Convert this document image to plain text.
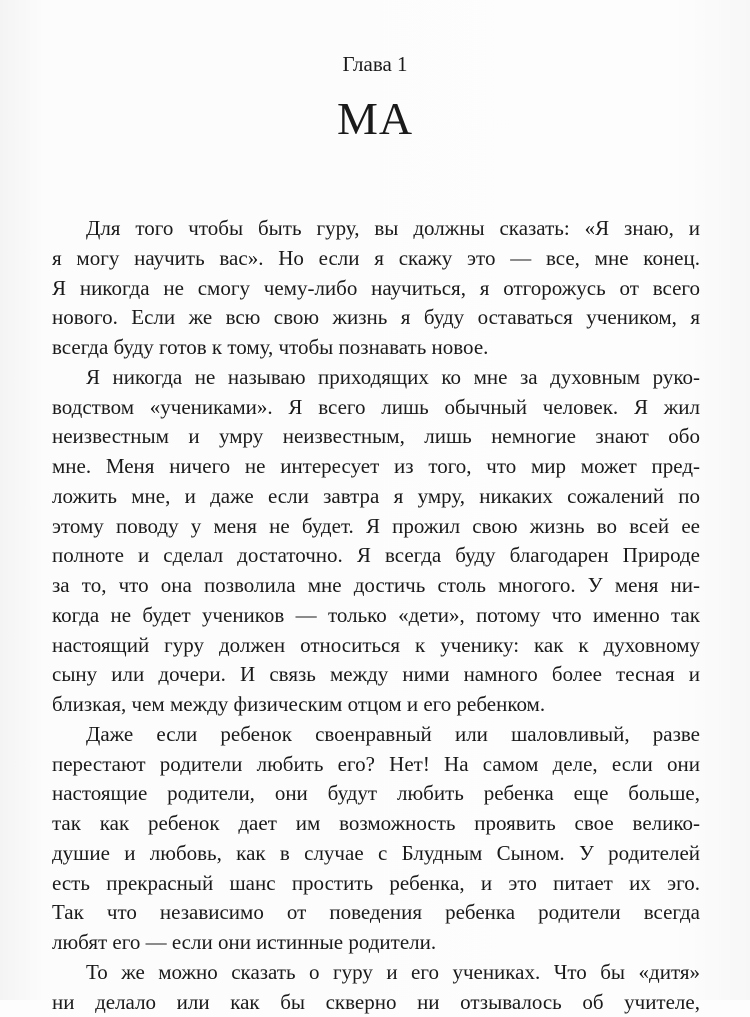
Глава 1
МА
Для того чтобы быть гуру, вы должны сказать: «Я знаю, и
я могу научить вас». Но если я скажу это — все, мне конец.
Я никогда не смогу чему-либо научиться, я отгорожусь от всего
нового. Если же всю свою жизнь я буду оставаться учеником, я
всегда буду готов к тому, чтобы познавать новое.
Я никогда не называю приходящих ко мне за духовным руко-
водством «учениками». Я всего лишь обычный человек. Я жил
неизвестным и умру неизвестным, лишь немногие знают обо
мне. Меня ничего не интересует из того, что мир может пред-
ложить мне, и даже если завтра я умру, никаких сожалений по
этому поводу у меня не будет. Я прожил свою жизнь во всей ее
полноте и сделал достаточно. Я всегда буду благодарен Природе
за то, что она позволила мне достичь столь многого. У меня ни-
когда не будет учеников — только «дети», потому что именно так
настоящий гуру должен относиться к ученику: как к духовному
сыну или дочери. И связь между ними намного более тесная и
близкая, чем между физическим отцом и его ребенком.
Даже если ребенок своенравный или шаловливый, разве
перестают родители любить его? Нет! На самом деле, если они
настоящие родители, они будут любить ребенка еще больше,
так как ребенок дает им возможность проявить свое велико-
душие и любовь, как в случае с Блудным Сыном. У родителей
есть прекрасный шанс простить ребенка, и это питает их эго.
Так что независимо от поведения ребенка родители всегда
любят его — если они истинные родители.
То же можно сказать о гуру и его учениках. Что бы «дитя»
ни делало или как бы скверно ни отзывалось об учителе,
